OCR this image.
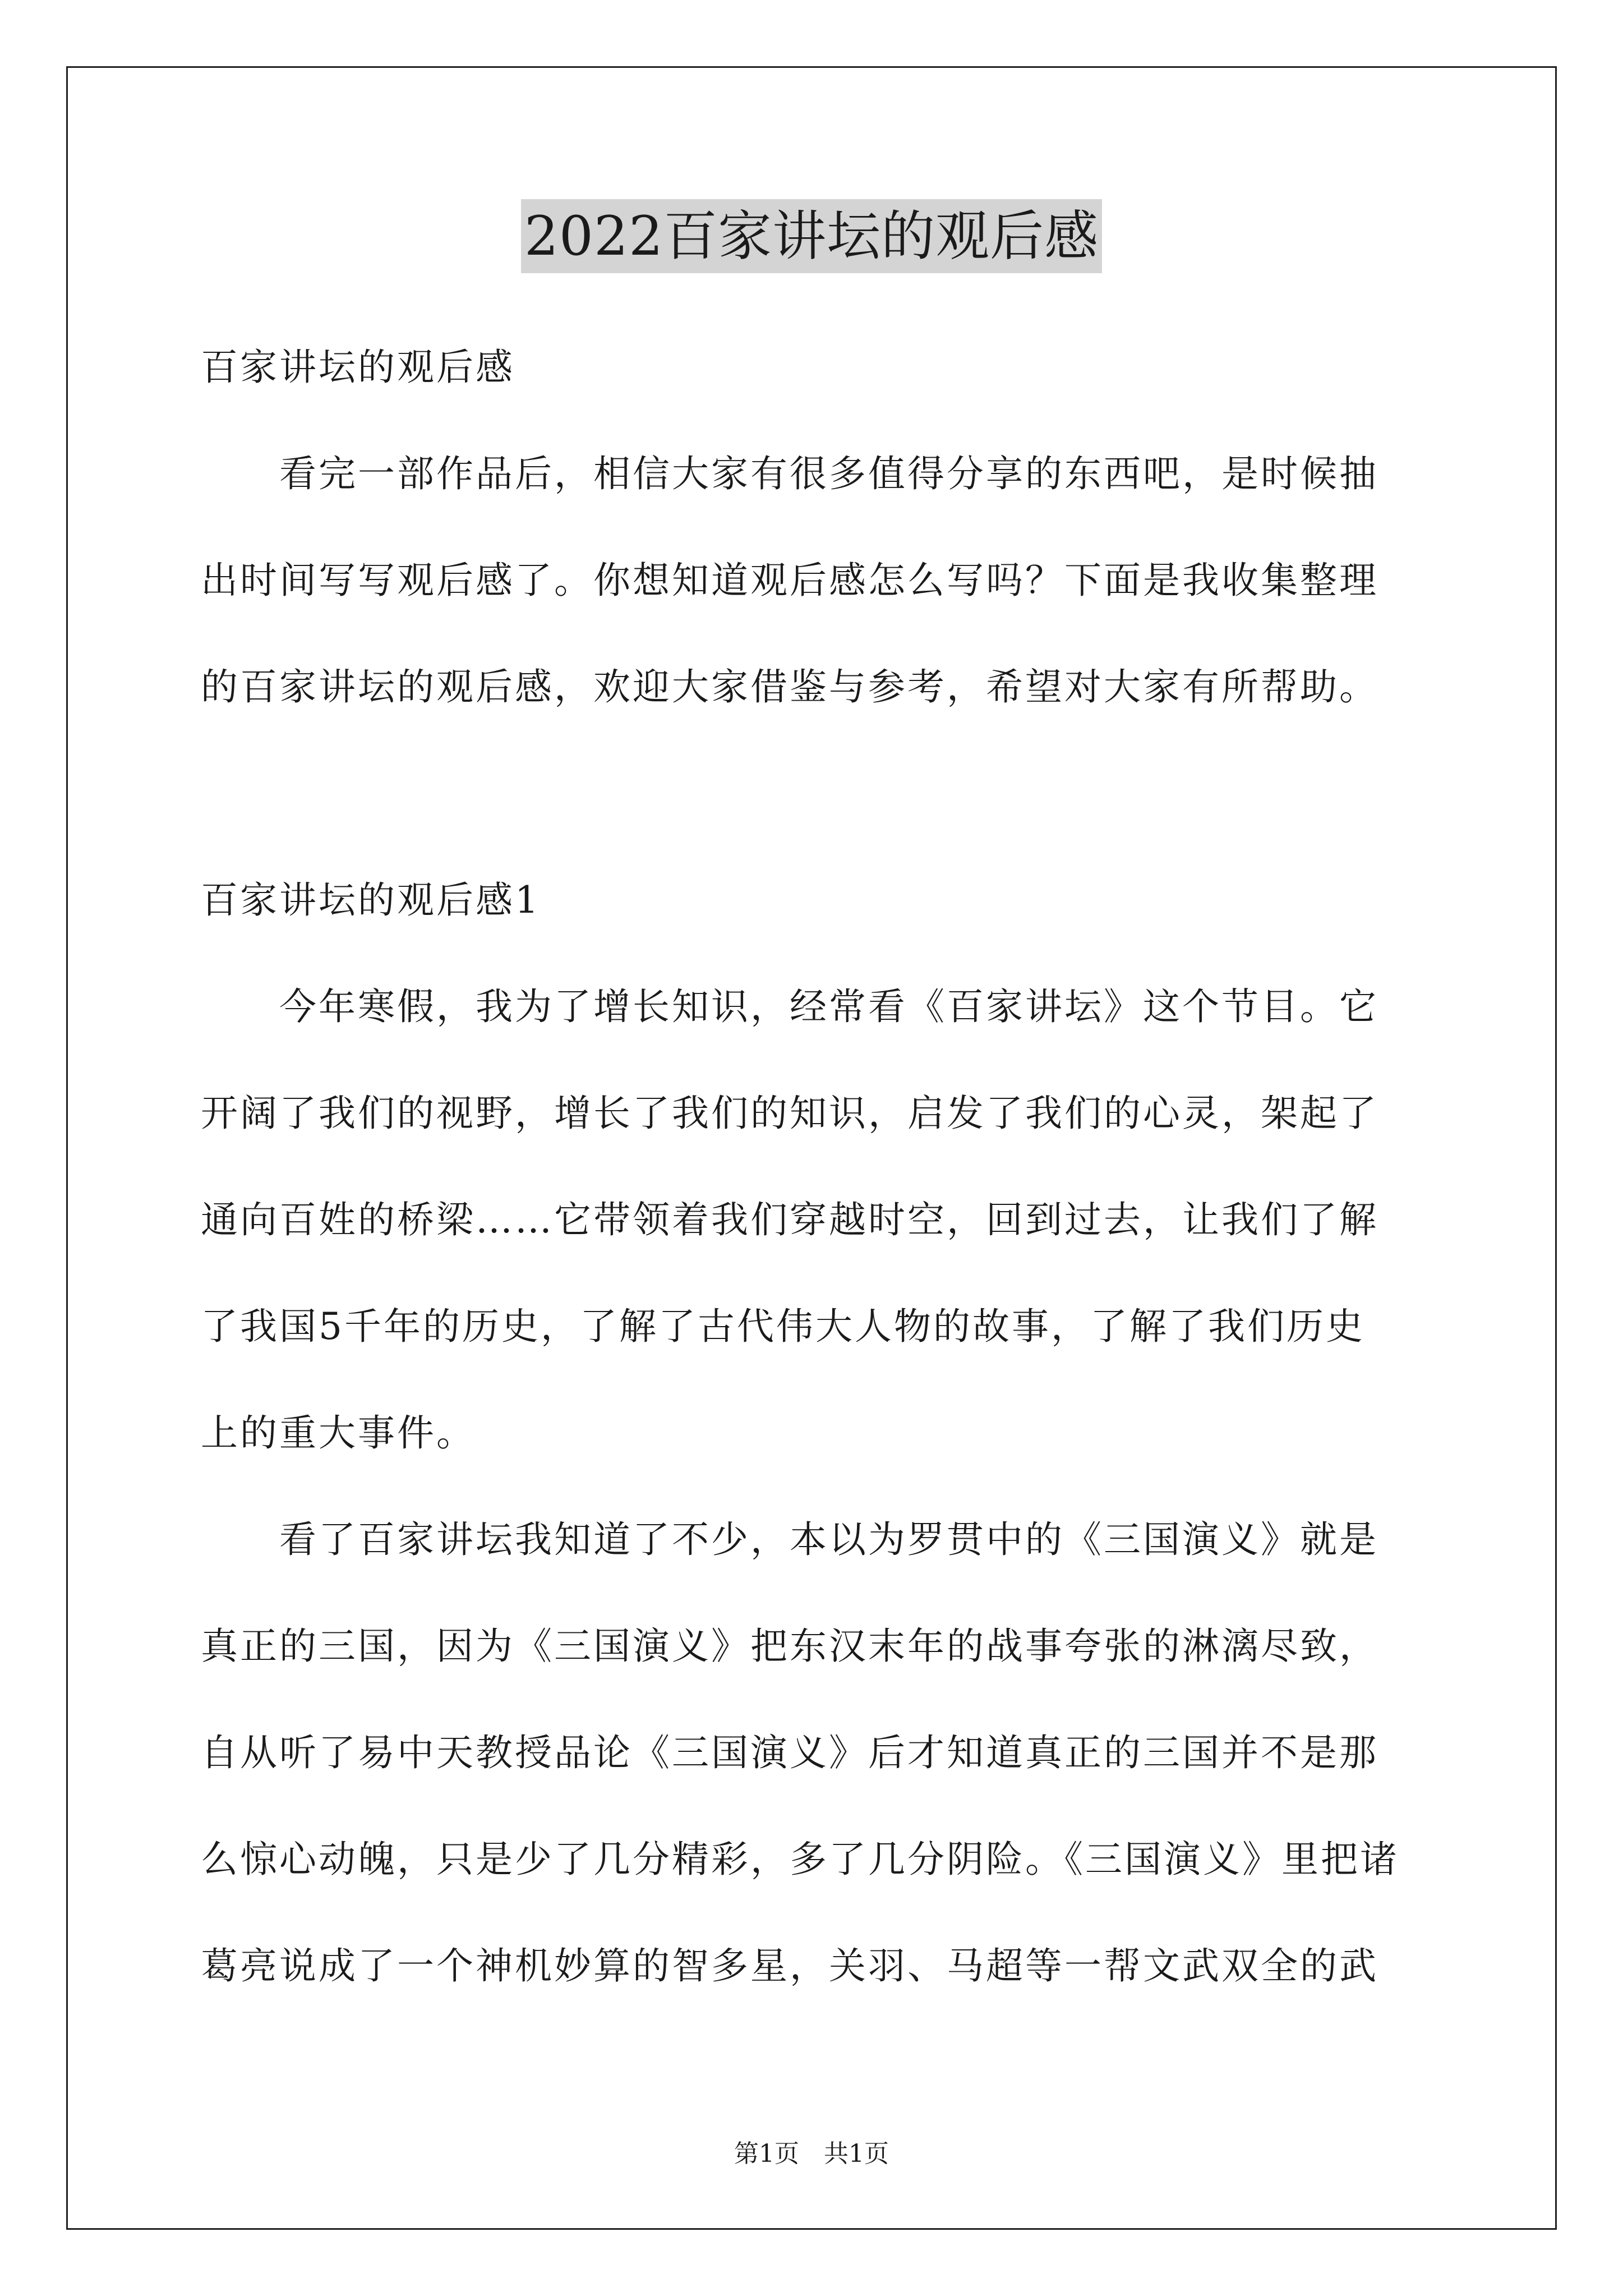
2022百家讲坛的观后感
百家讲坛的观后感
看完一部作品后，相信大家有很多值得分享的东西吧，是时候抽
出时间写写观后感了。你想知道观后感怎么写吗？下面是我收集整理
的百家讲坛的观后感，欢迎大家借鉴与参考，希望对大家有所帮助。
百家讲坛的观后感1
今年寒假，我为了增长知识，经常看《百家讲坛》这个节目。它
开阔了我们的视野，增长了我们的知识，启发了我们的心灵，架起了
通向百姓的桥梁……它带领着我们穿越时空，回到过去，让我们了解
了我国5千年的历史，了解了古代伟大人物的故事，了解了我们历史
上的重大事件。
看了百家讲坛我知道了不少，本以为罗贯中的《三国演义》就是
真正的三国，因为《三国演义》把东汉末年的战事夸张的淋漓尽致，
自从听了易中天教授品论《三国演义》后才知道真正的三国并不是那
么惊心动魄，只是少了几分精彩，多了几分阴险。《三国演义》里把诸
葛亮说成了一个神机妙算的智多星，关羽、马超等一帮文武双全的武
第1页　共1页
